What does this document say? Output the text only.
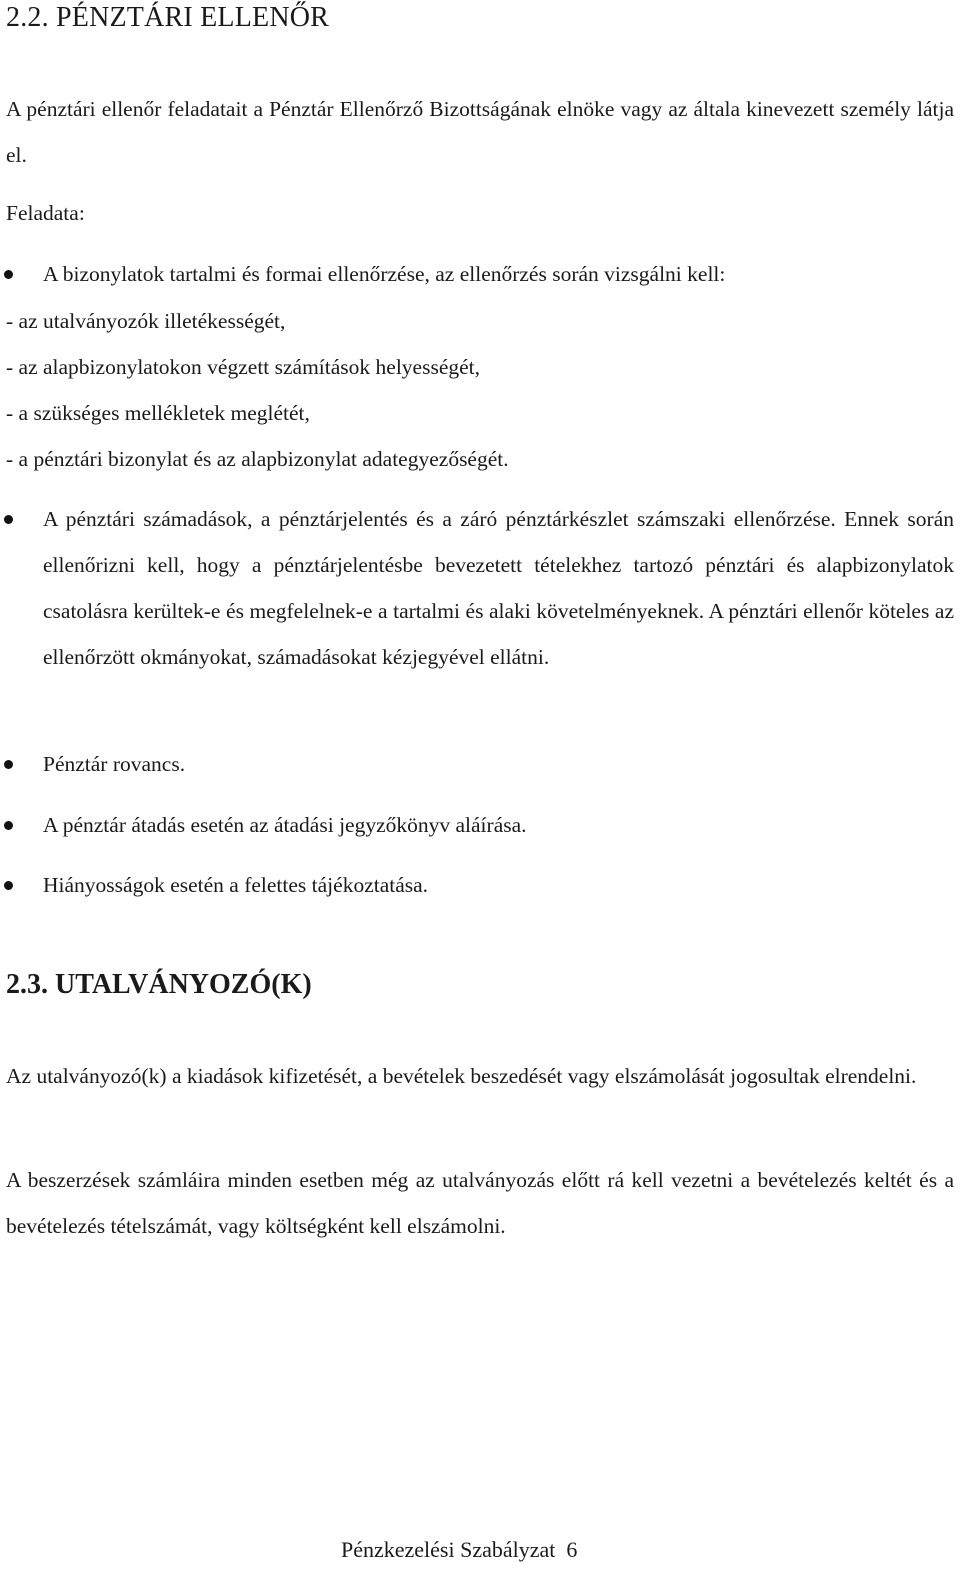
2.2. PÉNZTÁRI ELLENŐR

A pénztári ellenőr feladatait a Pénztár Ellenőrző Bizottságának elnöke vagy az általa kinevezett személy látja el.

Feladata:

A bizonylatok tartalmi és formai ellenőrzése, az ellenőrzés során vizsgálni kell:

- az utalványozók illetékességét,

- az alapbizonylatokon végzett számítások helyességét,

- a szükséges mellékletek meglétét,

- a pénztári bizonylat és az alapbizonylat adategyezőségét.

A pénztári számadások, a pénztárjelentés és a záró pénztárkészlet számszaki ellenőrzése. Ennek során ellenőrizni kell, hogy a pénztárjelentésbe bevezetett tételekhez tartozó pénztári és alapbizonylatok csatolásra kerültek-e és megfelelnek-e a tartalmi és alaki követelményeknek. A pénztári ellenőr köteles az ellenőrzött okmányokat, számadásokat kézjegyével ellátni.

Pénztár rovancs.

A pénztár átadás esetén az átadási jegyzőkönyv aláírása.

Hiányosságok esetén a felettes tájékoztatása.

2.3. UTALVÁNYOZÓ(K)

Az utalványozó(k) a kiadások kifizetését, a bevételek beszedését vagy elszámolását jogosultak elrendelni.

A beszerzések számláira minden esetben még az utalványozás előtt rá kell vezetni a bevételezés keltét és a bevételezés tételszámát, vagy költségként kell elszámolni.

Pénzkezelési Szabályzat  6
